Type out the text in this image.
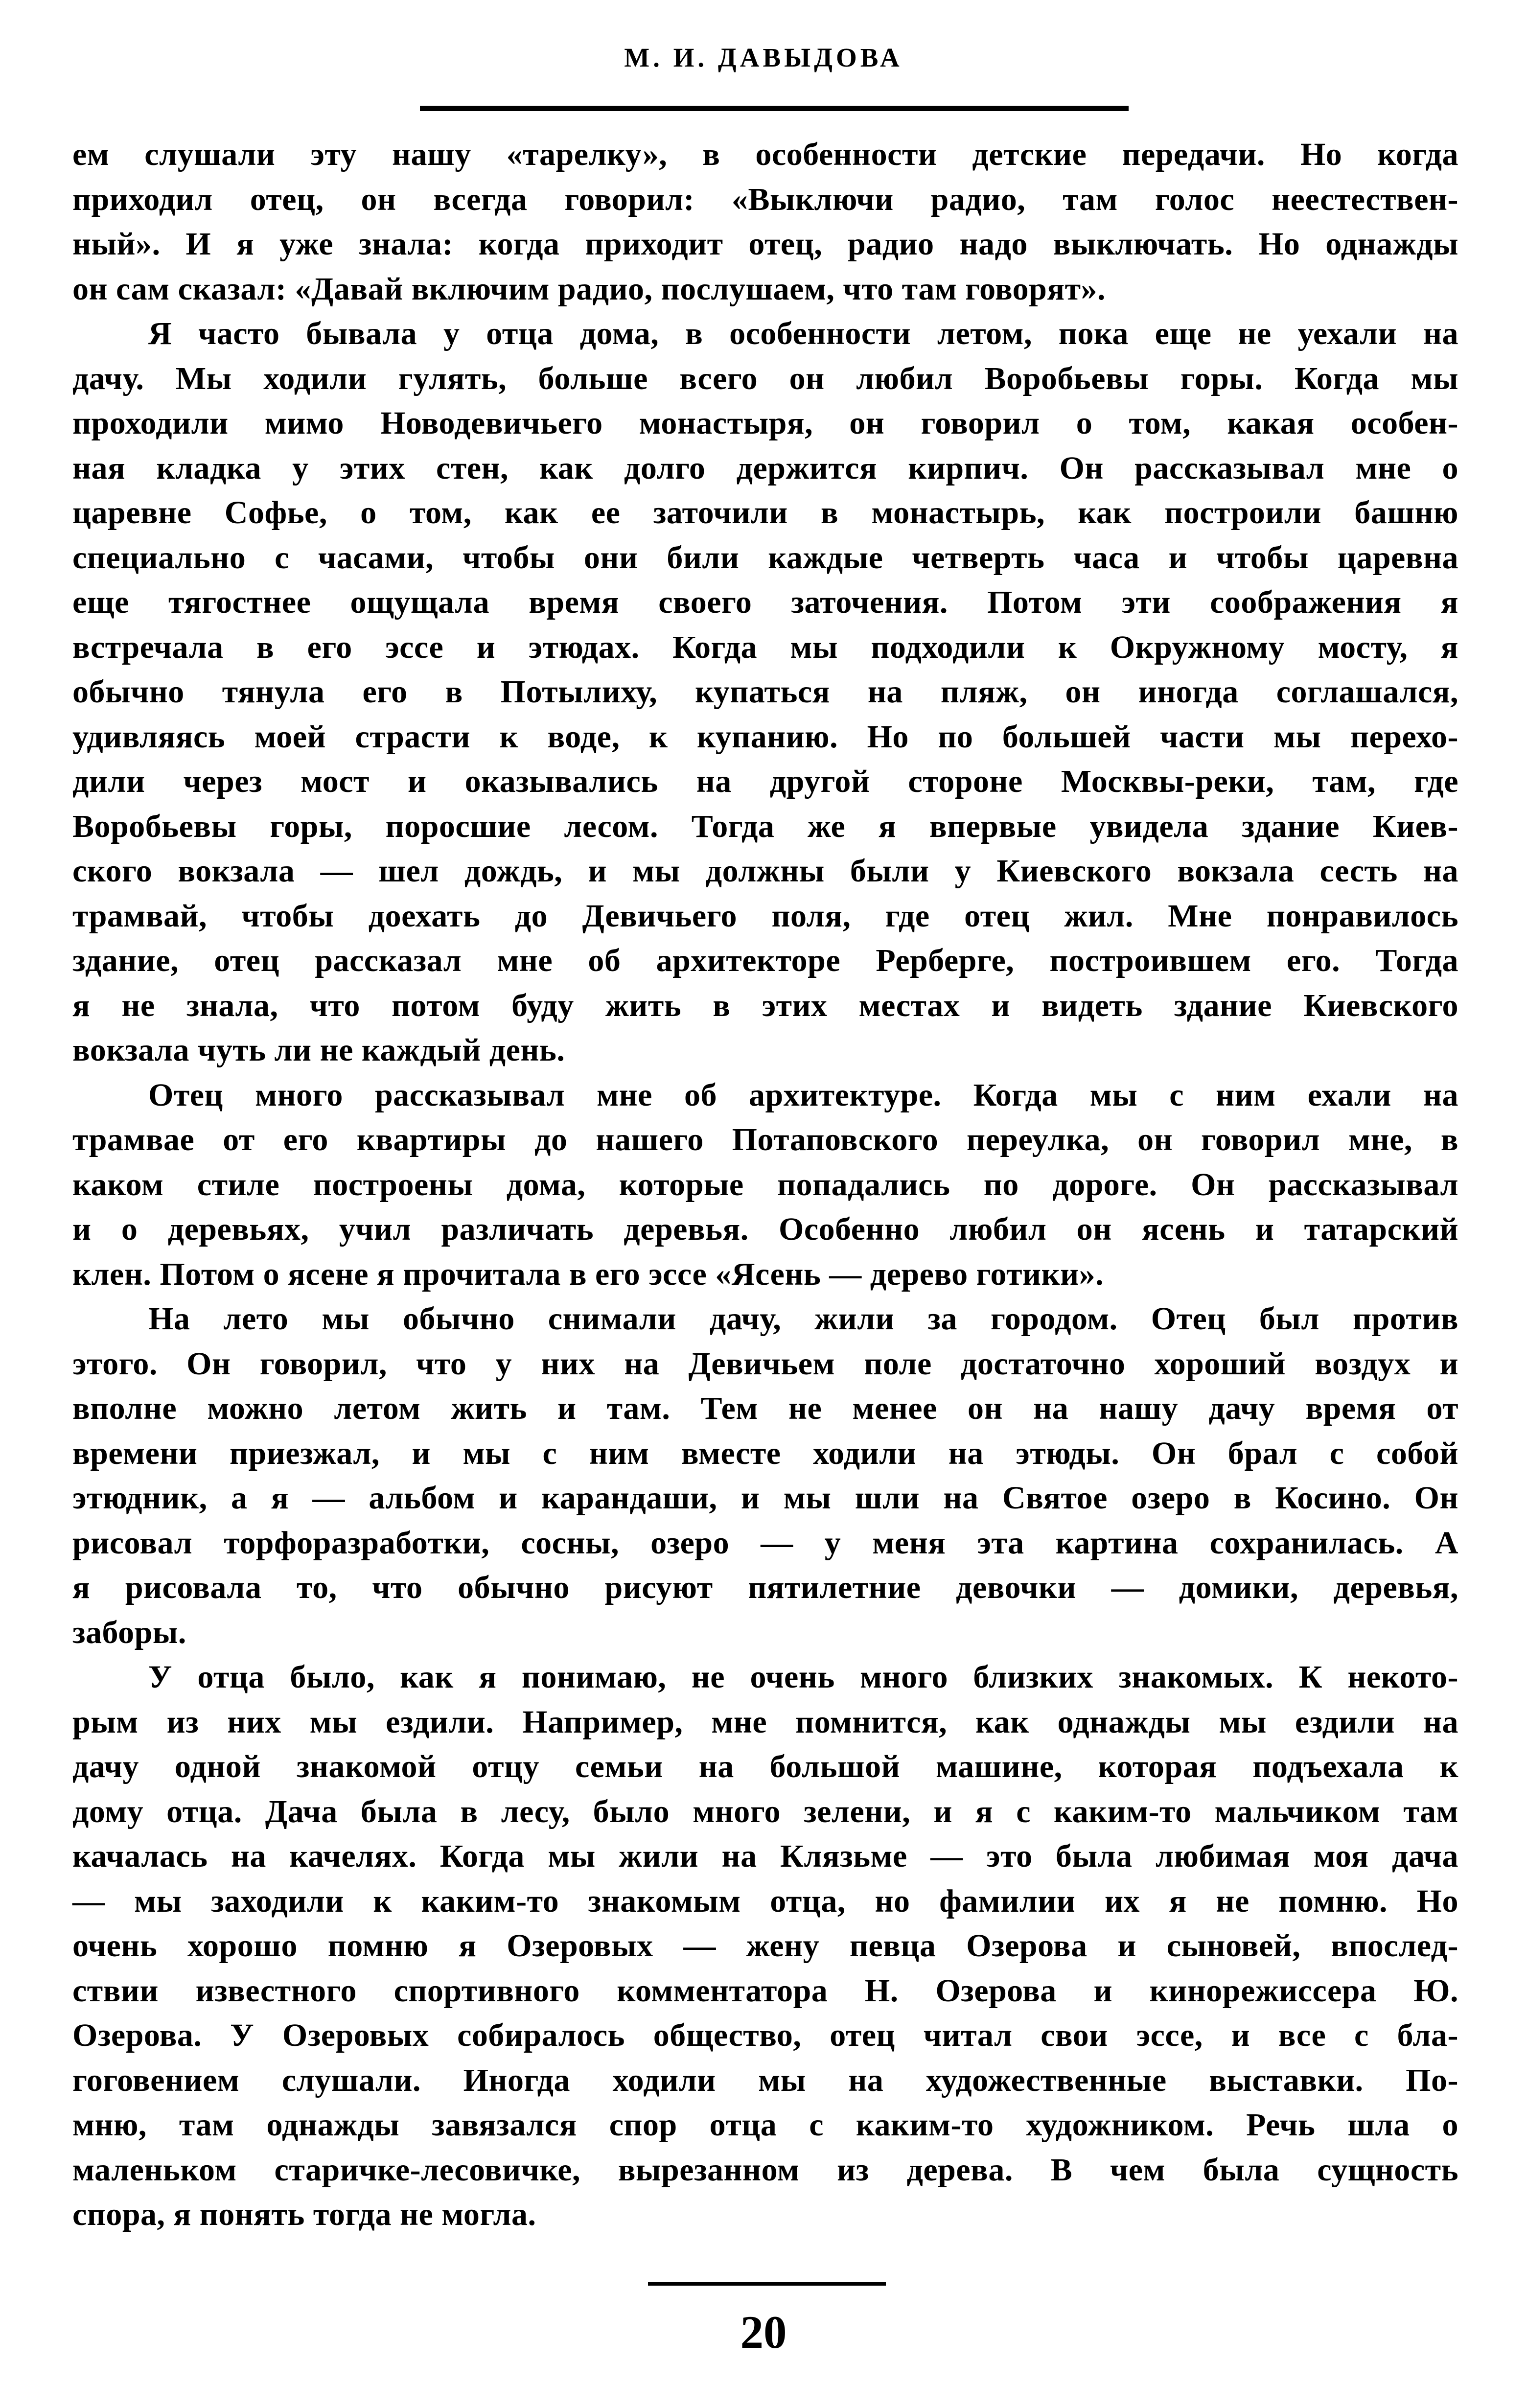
М. И. ДАВЫДОВА
ем слушали эту нашу «тарелку», в особенности детские передачи. Но когда
приходил отец, он всегда говорил: «Выключи радио, там голос неестествен-
ный». И я уже знала: когда приходит отец, радио надо выключать. Но однажды
он сам сказал: «Давай включим радио, послушаем, что там говорят».
Я часто бывала у отца дома, в особенности летом, пока еще не уехали на
дачу. Мы ходили гулять, больше всего он любил Воробьевы горы. Когда мы
проходили мимо Новодевичьего монастыря, он говорил о том, какая особен-
ная кладка у этих стен, как долго держится кирпич. Он рассказывал мне о
царевне Софье, о том, как ее заточили в монастырь, как построили башню
специально с часами, чтобы они били каждые четверть часа и чтобы царевна
еще тягостнее ощущала время своего заточения. Потом эти соображения я
встречала в его эссе и этюдах. Когда мы подходили к Окружному мосту, я
обычно тянула его в Потылиху, купаться на пляж, он иногда соглашался,
удивляясь моей страсти к воде, к купанию. Но по большей части мы перехо-
дили через мост и оказывались на другой стороне Москвы-реки, там, где
Воробьевы горы, поросшие лесом. Тогда же я впервые увидела здание Киев-
ского вокзала — шел дождь, и мы должны были у Киевского вокзала сесть на
трамвай, чтобы доехать до Девичьего поля, где отец жил. Мне понравилось
здание, отец рассказал мне об архитекторе Рерберге, построившем его. Тогда
я не знала, что потом буду жить в этих местах и видеть здание Киевского
вокзала чуть ли не каждый день.
Отец много рассказывал мне об архитектуре. Когда мы с ним ехали на
трамвае от его квартиры до нашего Потаповского переулка, он говорил мне, в
каком стиле построены дома, которые попадались по дороге. Он рассказывал
и о деревьях, учил различать деревья. Особенно любил он ясень и татарский
клен. Потом о ясене я прочитала в его эссе «Ясень — дерево готики».
На лето мы обычно снимали дачу, жили за городом. Отец был против
этого. Он говорил, что у них на Девичьем поле достаточно хороший воздух и
вполне можно летом жить и там. Тем не менее он на нашу дачу время от
времени приезжал, и мы с ним вместе ходили на этюды. Он брал с собой
этюдник, а я — альбом и карандаши, и мы шли на Святое озеро в Косино. Он
рисовал торфоразработки, сосны, озеро — у меня эта картина сохранилась. А
я рисовала то, что обычно рисуют пятилетние девочки — домики, деревья,
заборы.
У отца было, как я понимаю, не очень много близких знакомых. К некото-
рым из них мы ездили. Например, мне помнится, как однажды мы ездили на
дачу одной знакомой отцу семьи на большой машине, которая подъехала к
дому отца. Дача была в лесу, было много зелени, и я с каким-то мальчиком там
качалась на качелях. Когда мы жили на Клязьме — это была любимая моя дача
— мы заходили к каким-то знакомым отца, но фамилии их я не помню. Но
очень хорошо помню я Озеровых — жену певца Озерова и сыновей, впослед-
ствии известного спортивного комментатора Н. Озерова и кинорежиссера Ю.
Озерова. У Озеровых собиралось общество, отец читал свои эссе, и все с бла-
гоговением слушали. Иногда ходили мы на художественные выставки. По-
мню, там однажды завязался спор отца с каким-то художником. Речь шла о
маленьком старичке-лесовичке, вырезанном из дерева. В чем была сущность
спора, я понять тогда не могла.
20
